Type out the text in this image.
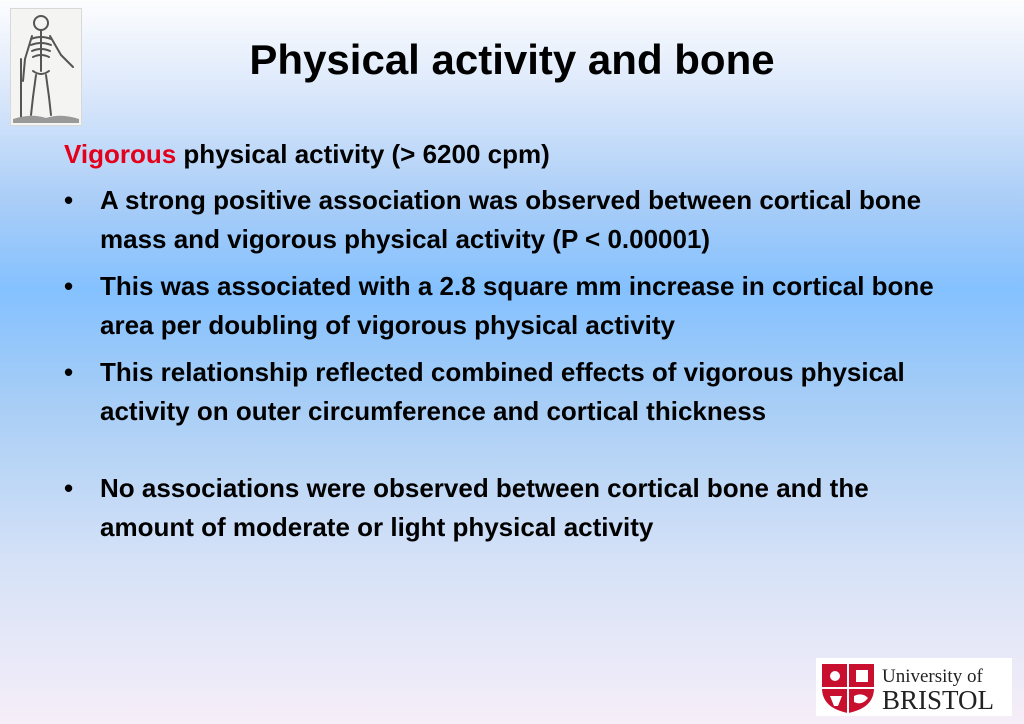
Physical activity and bone
Vigorous physical activity (> 6200 cpm)
• A strong positive association was observed between cortical bone mass and vigorous physical activity (P < 0.00001)
• This was associated with a 2.8 square mm increase in cortical bone area per doubling of vigorous physical activity
• This relationship reflected combined effects of vigorous physical activity on outer circumference and cortical thickness
• No associations were observed between cortical bone and the amount of moderate or light physical activity
University of
BRISTOL
